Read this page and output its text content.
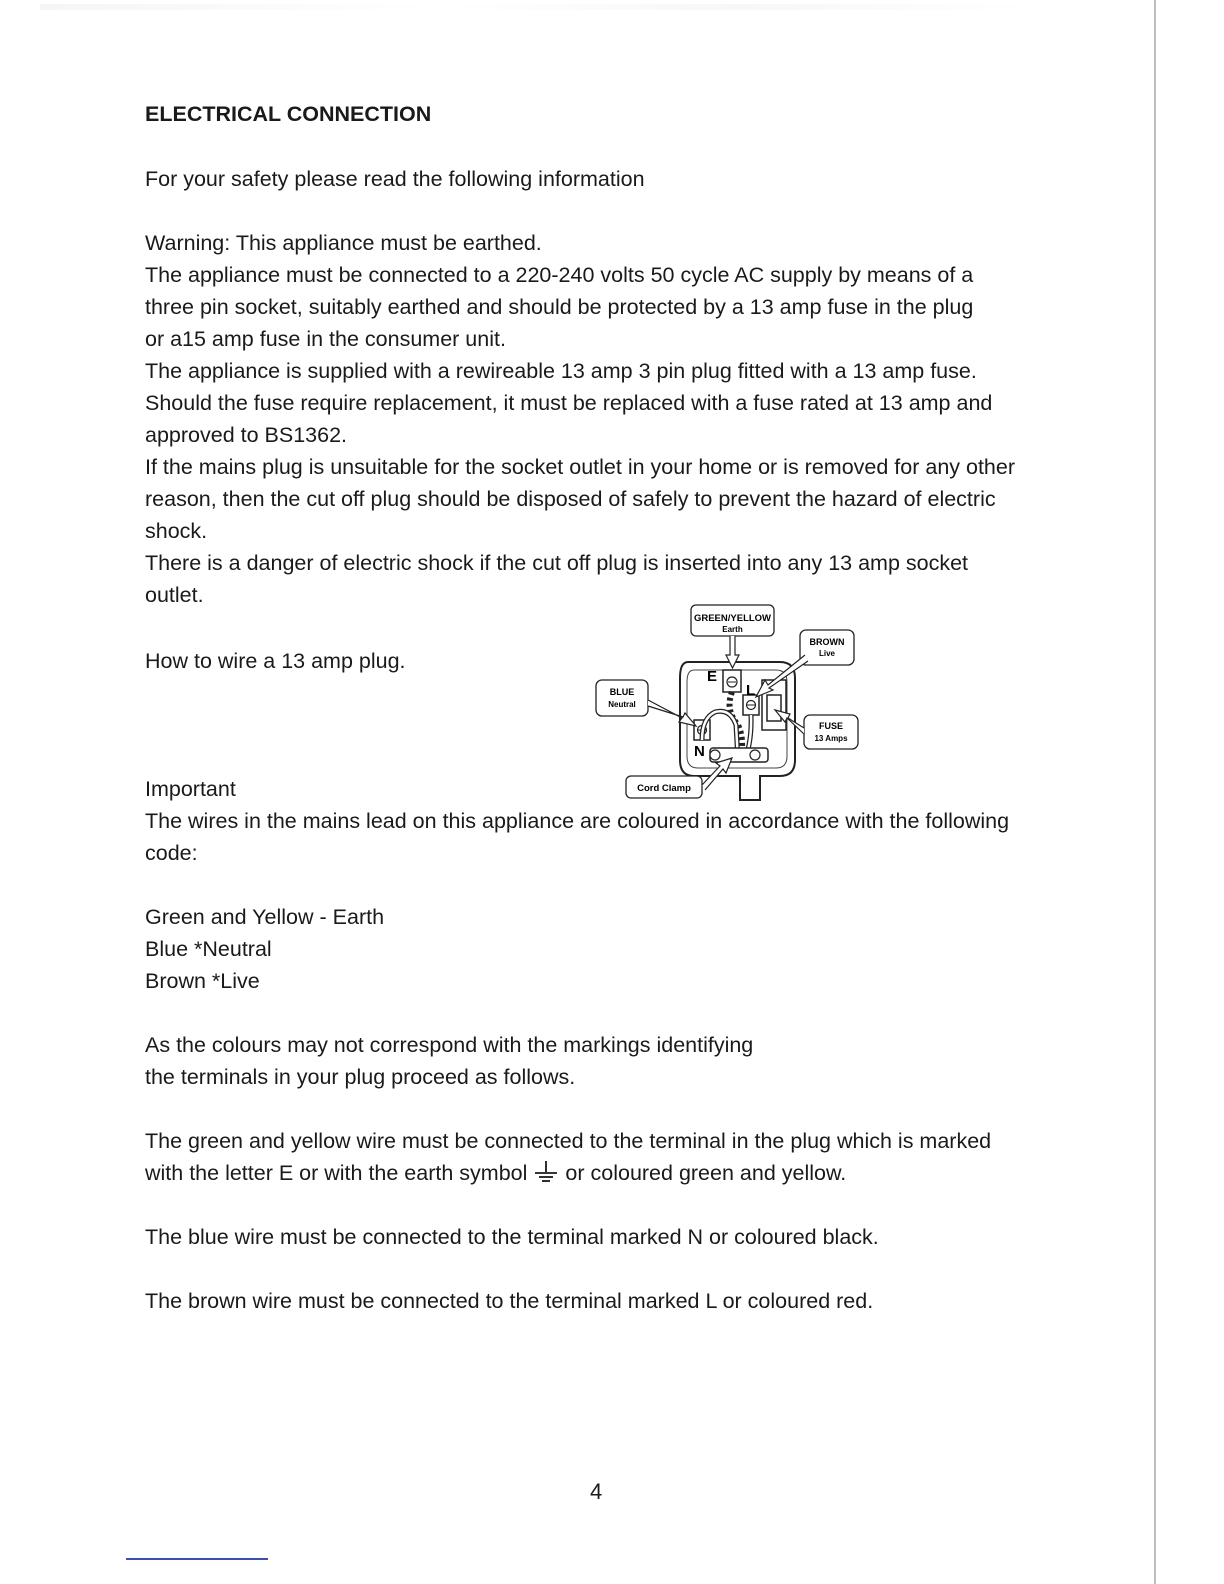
ELECTRICAL CONNECTION

For your safety please read the following information

Warning: This appliance must be earthed.

The appliance must be connected to a 220-240 volts 50 cycle AC supply by means of a

three pin socket, suitably earthed and should be protected by a 13 amp fuse in the plug

or a15 amp fuse in the consumer unit.

The appliance is supplied with a rewireable 13 amp 3 pin plug fitted with a 13 amp fuse.

Should the fuse require replacement, it must be replaced with a fuse rated at 13 amp and

approved to BS1362.

If the mains plug is unsuitable for the socket outlet in your home or is removed for any other

reason, then the cut off plug should be disposed of safely to prevent the hazard of electric

shock.

There is a danger of electric shock if the cut off plug is inserted into any 13 amp socket

outlet.

How to wire a 13 amp plug.

E
L
N
GREEN/YELLOW
Earth
BROWN
Live
BLUE
Neutral
FUSE
13 Amps
Cord Clamp

Important

The wires in the mains lead on this appliance are coloured in accordance with the following

code:

Green and Yellow - Earth

Blue *Neutral

Brown *Live

As the colours may not correspond with the markings identifying

the terminals in your plug proceed as follows.

The green and yellow wire must be connected to the terminal in the plug which is marked

with the letter E or with the earth symbol or coloured green and yellow.

The blue wire must be connected to the terminal marked N or coloured black.

The brown wire must be connected to the terminal marked L or coloured red.

4
